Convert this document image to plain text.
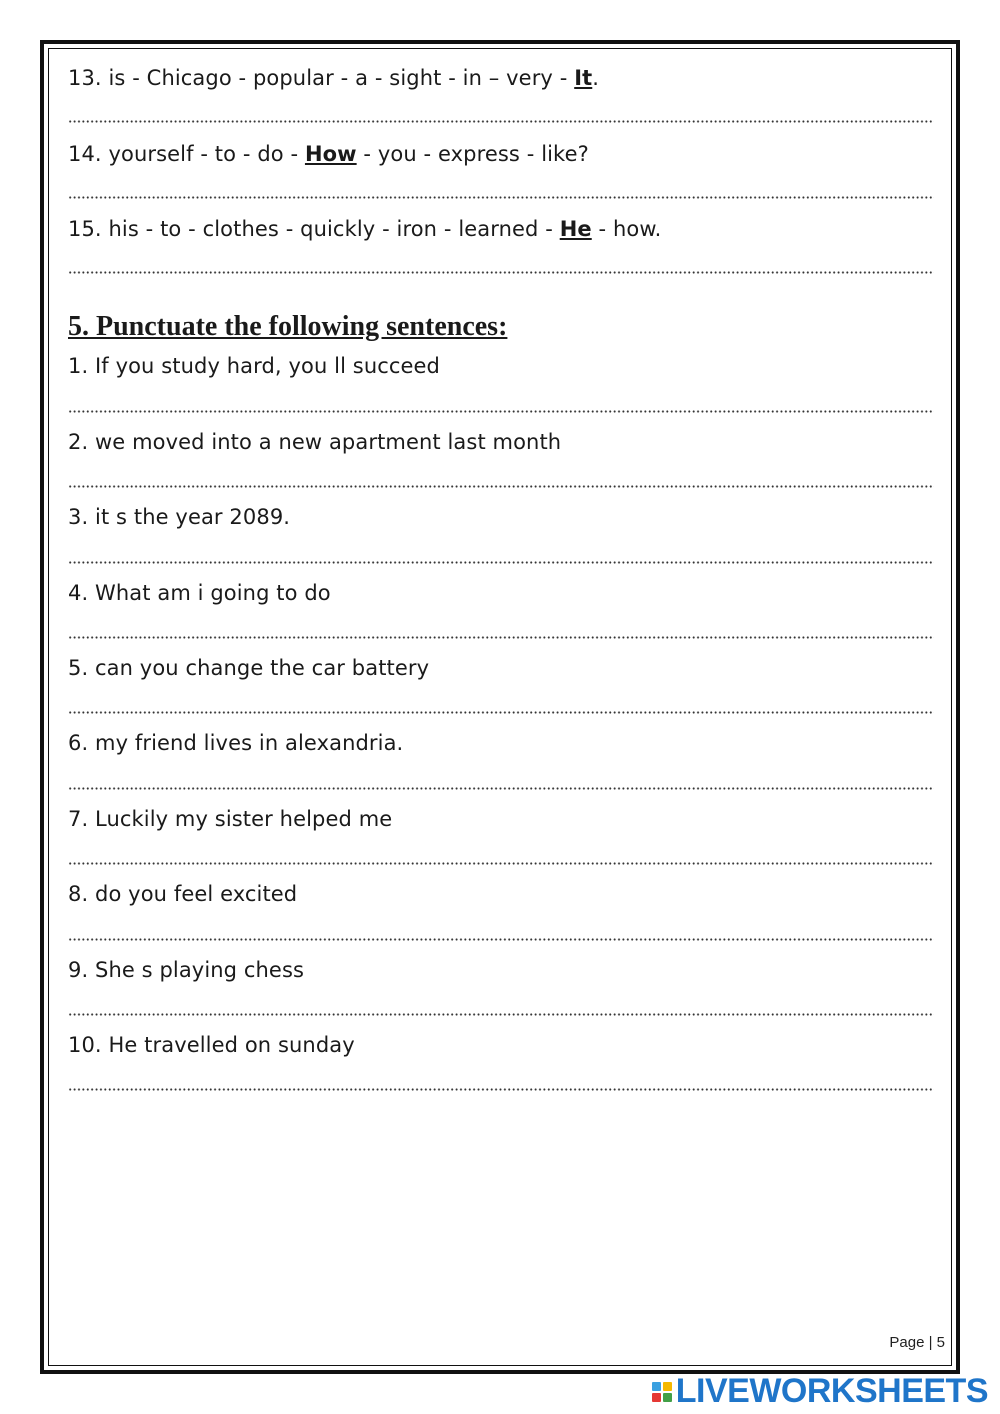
13. is - Chicago - popular - a - sight - in – very - It.
14. yourself - to - do - How - you - express - like?
15. his - to - clothes - quickly - iron - learned - He - how.
5. Punctuate the following sentences:
1. If you study hard, you ll succeed
2. we moved into a new apartment last month
3. it s the year 2089.
4. What am i going to do
5. can you change the car battery
6. my friend lives in alexandria.
7. Luckily my sister helped me
8. do you feel excited
9. She s playing chess
10. He travelled on sunday
Page | 5
LIVEWORKSHEETS
